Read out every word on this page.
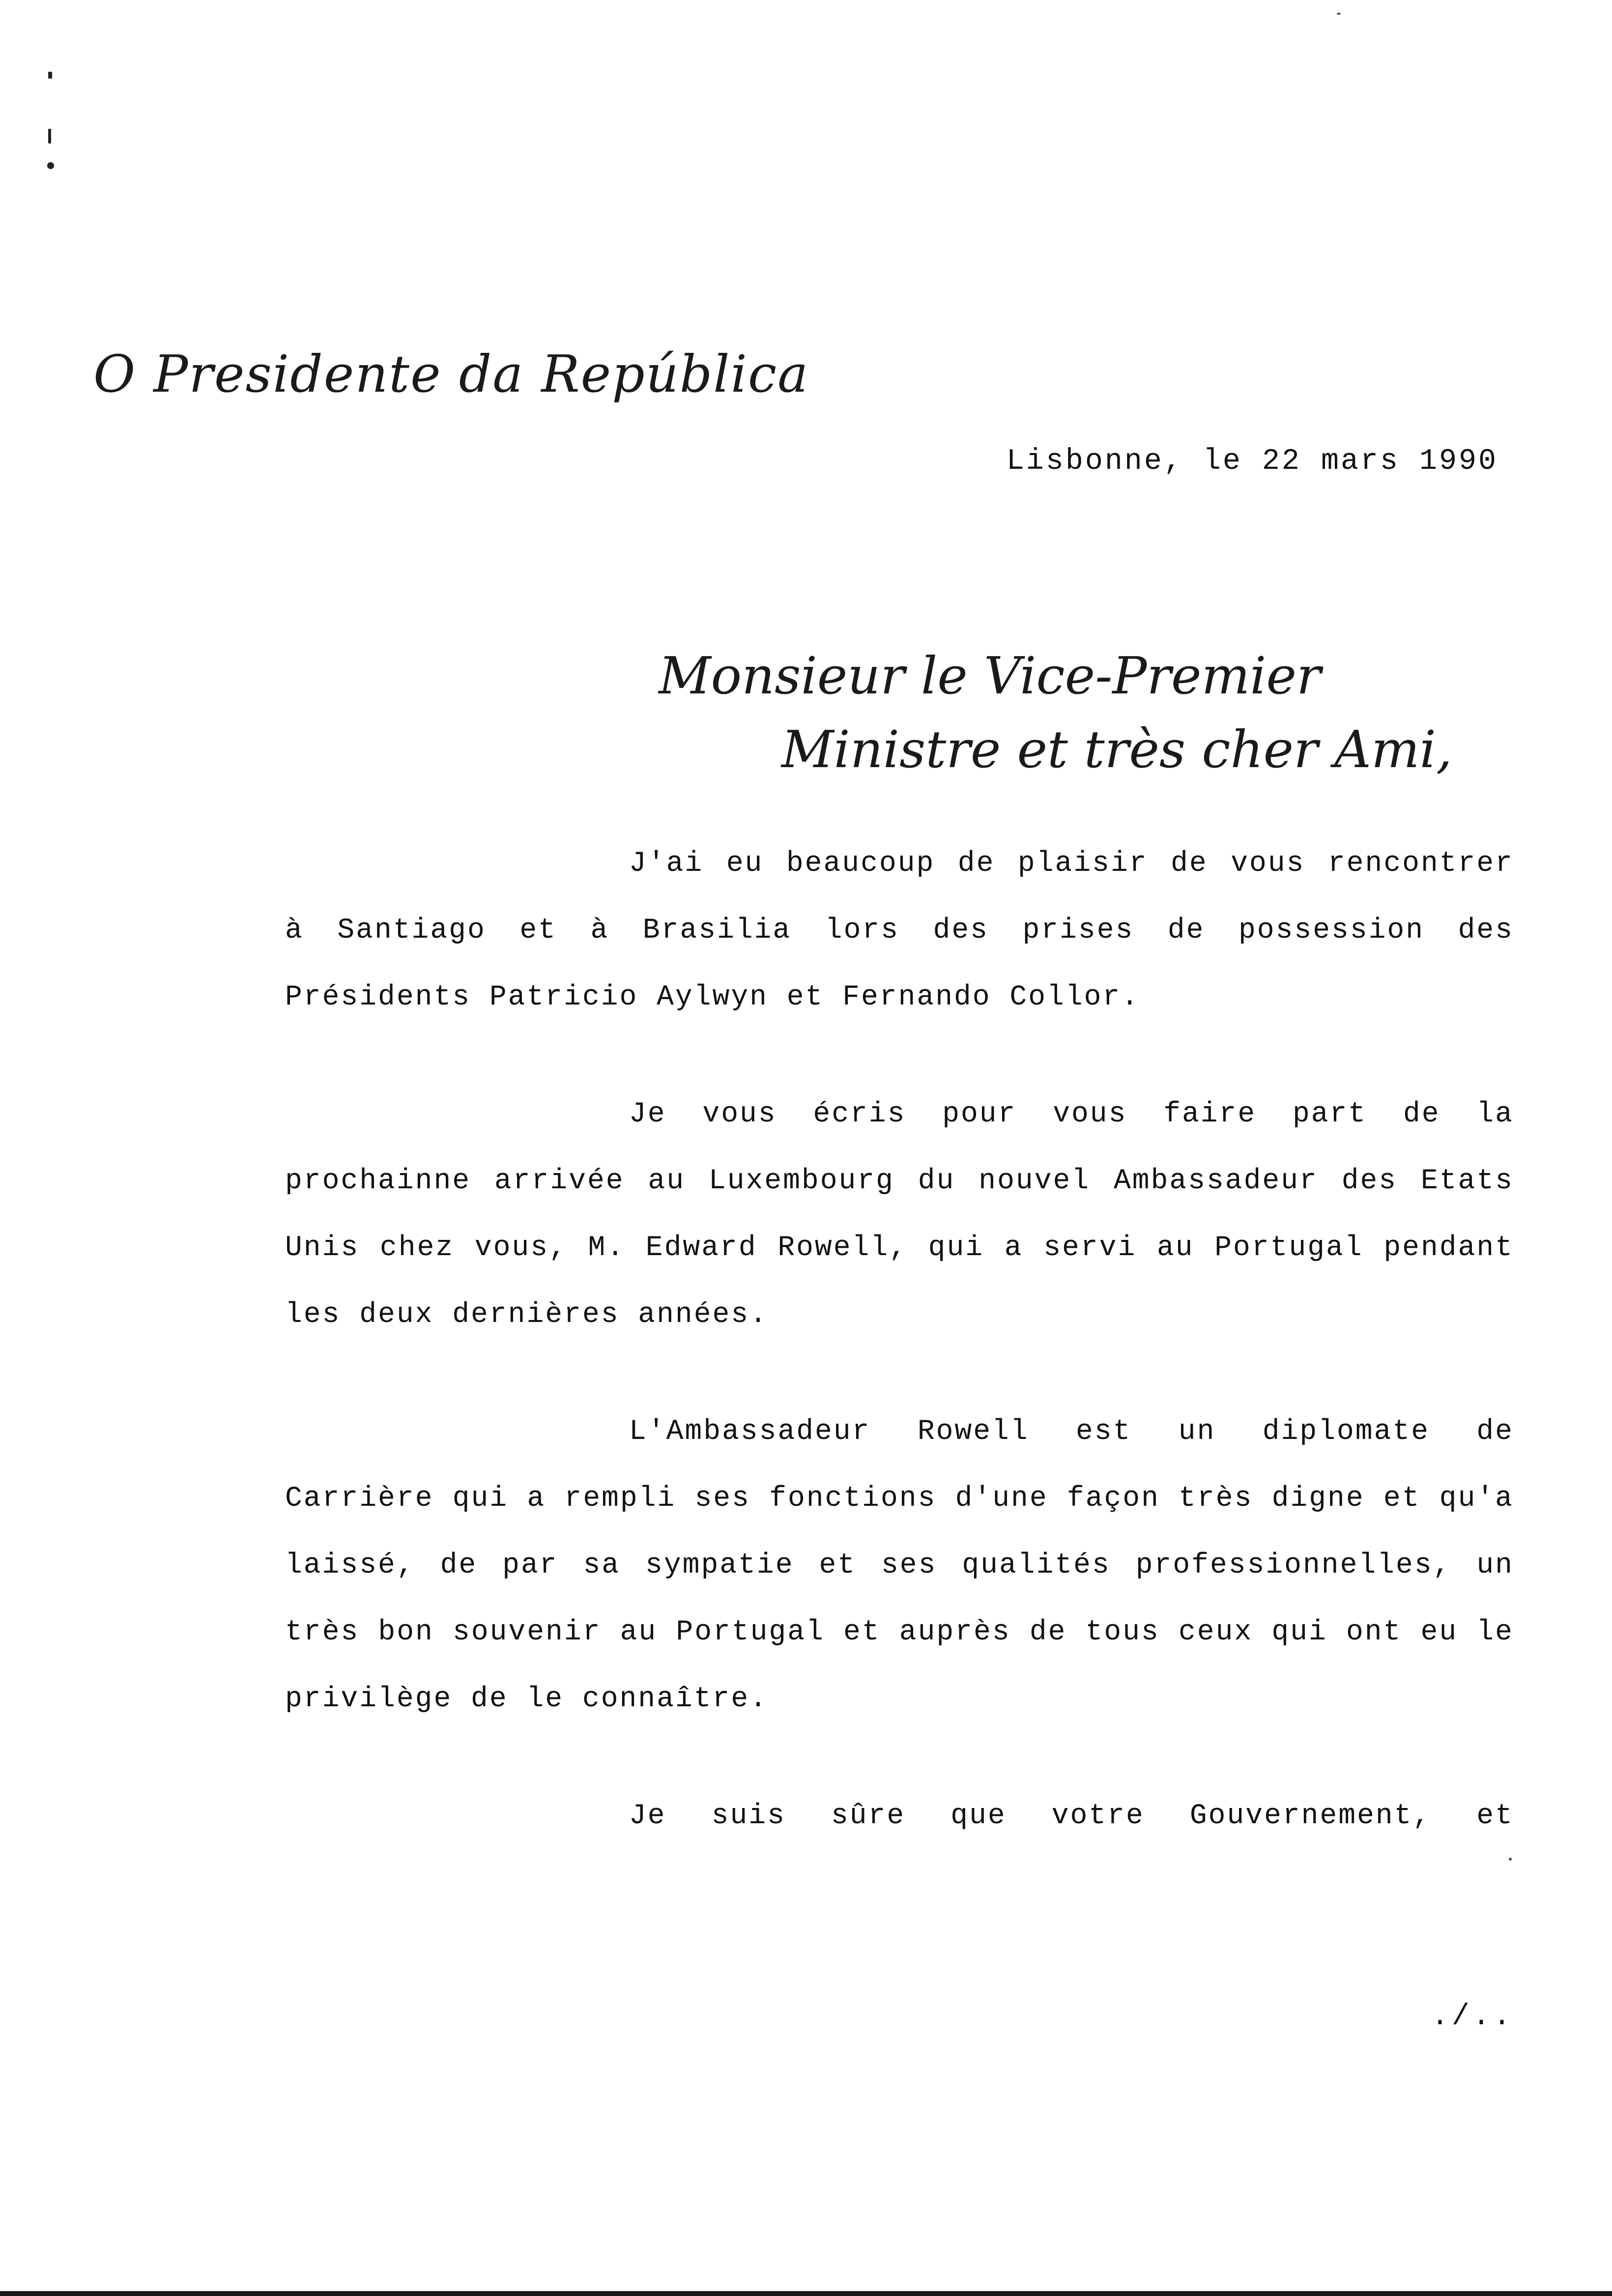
O Presidente da República
Lisbonne, le 22 mars 1990
Monsieur le Vice-Premier
Ministre et très cher Ami,

J'ai eu beaucoup de plaisir de vous rencontrer à Santiago et à Brasilia lors des prises de possession des Présidents Patricio Aylwyn et Fernando Collor.

Je vous écris pour vous faire part de la prochainne arrivée au Luxembourg du nouvel Ambassadeur des Etats Unis chez vous, M. Edward Rowell, qui a servi au Portugal pendant les deux dernières années.

L'Ambassadeur Rowell est un diplomate de Carrière qui a rempli ses fonctions d'une façon très digne et qu'a laissé, de par sa sympatie et ses qualités professionnelles, un très bon souvenir au Portugal et auprès de tous ceux qui ont eu le privilège de le connaître.

Je suis sûre que votre Gouvernement, et

./..
